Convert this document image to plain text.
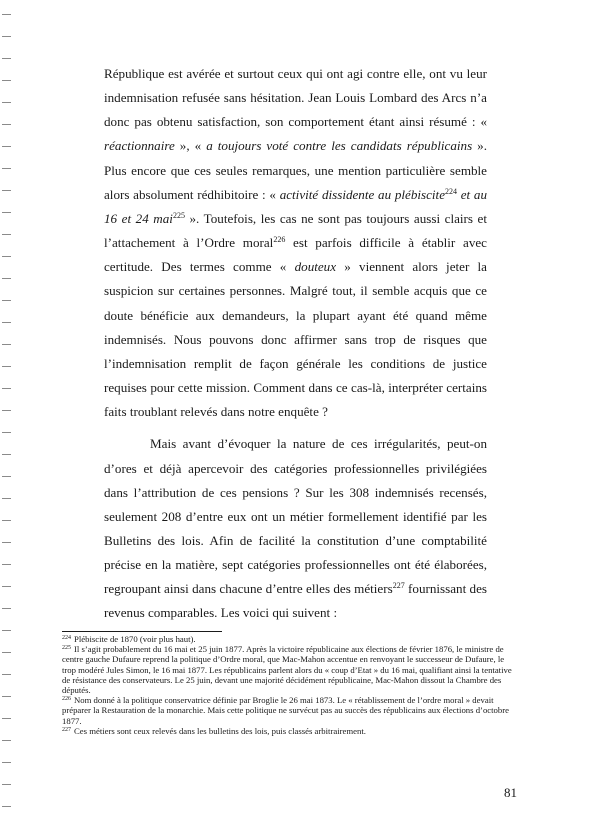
République est avérée et surtout ceux qui ont agi contre elle, ont vu leur indemnisation refusée sans hésitation. Jean Louis Lombard des Arcs n’a donc pas obtenu satisfaction, son comportement étant ainsi résumé : « réactionnaire », « a toujours voté contre les candidats républicains ». Plus encore que ces seules remarques, une mention particulière semble alors absolument rédhibitoire : « activité dissidente au plébiscite$^{224}$ et au 16 et 24 mai$^{225}$ ». Toutefois, les cas ne sont pas toujours aussi clairs et l’attachement à l’Ordre moral$^{226}$ est parfois difficile à établir avec certitude. Des termes comme « douteux » viennent alors jeter la suspicion sur certaines personnes. Malgré tout, il semble acquis que ce doute bénéficie aux demandeurs, la plupart ayant été quand même indemnisés. Nous pouvons donc affirmer sans trop de risques que l’indemnisation remplit de façon générale les conditions de justice requises pour cette mission. Comment dans ce cas-là, interpréter certains faits troublant relevés dans notre enquête ?

Mais avant d’évoquer la nature de ces irrégularités, peut-on d’ores et déjà apercevoir des catégories professionnelles privilégiées dans l’attribution de ces pensions ? Sur les 308 indemnisés recensés, seulement 208 d’entre eux ont un métier formellement identifié par les Bulletins des lois. Afin de facilité la constitution d’une comptabilité précise en la matière, sept catégories professionnelles ont été élaborées, regroupant ainsi dans chacune d’entre elles des métiers$^{227}$ fournissant des revenus comparables. Les voici qui suivent :

$^{224}$ Plébiscite de 1870 (voir plus haut).

$^{225}$ Il s’agit probablement du 16 mai et 25 juin 1877. Après la victoire républicaine aux élections de février 1876, le ministre de centre gauche Dufaure reprend la politique d’Ordre moral, que Mac-Mahon accentue en renvoyant le successeur de Dufaure, le trop modéré Jules Simon, le 16 mai 1877. Les républicains parlent alors du « coup d’Etat » du 16 mai, qualifiant ainsi la tentative de résistance des conservateurs. Le 25 juin, devant une majorité décidément républicaine, Mac-Mahon dissout la Chambre des députés.

$^{226}$ Nom donné à la politique conservatrice définie par Broglie le 26 mai 1873. Le « rétablissement de l’ordre moral » devait préparer la Restauration de la monarchie. Mais cette politique ne survécut pas au succès des républicains aux élections d’octobre 1877.

$^{227}$ Ces métiers sont ceux relevés dans les bulletins des lois, puis classés arbitrairement.

81
